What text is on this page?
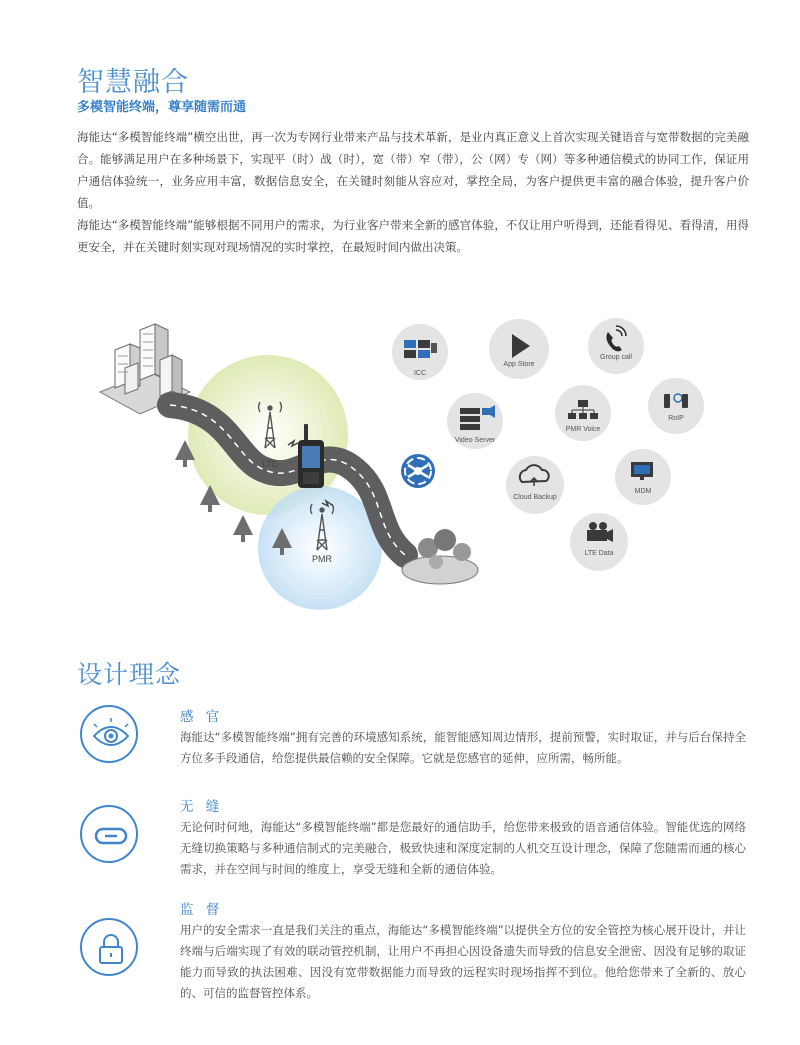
智慧融合
多模智能终端，尊享随需而通

海能达“多模智能终端”横空出世，再一次为专网行业带来产品与技术革新，是业内真正意义上首次实现关键语音与宽带数据的完美融合。能够满足用户在多种场景下，实现平（时）战（时），宽（带）窄（带），公（网）专（网）等多种通信模式的协同工作，保证用户通信体验统一，业务应用丰富，数据信息安全，在关键时刻能从容应对，掌控全局，为客户提供更丰富的融合体验，提升客户价值。

海能达“多模智能终端”能够根据不同用户的需求，为行业客户带来全新的感官体验，不仅让用户听得到，还能看得见、看得清，用得更安全，并在关键时刻实现对现场情况的实时掌控，在最短时间内做出决策。

LTE
PMR
ICC
App Store
Group call
Video Server
PMR Voice
RoIP
Cloud Backup
MDM
LTE Data
设计理念
感 官

海能达“多模智能终端”拥有完善的环境感知系统，能智能感知周边情形，提前预警，实时取证，并与后台保持全方位多手段通信，给您提供最信赖的安全保障。它就是您感官的延伸，应所需，畅所能。

无 缝

无论何时何地，海能达“多模智能终端”都是您最好的通信助手，给您带来极致的语音通信体验。智能优选的网络无缝切换策略与多种通信制式的完美融合，极致快速和深度定制的人机交互设计理念，保障了您随需而通的核心需求，并在空间与时间的维度上，享受无缝和全新的通信体验。

监 督

用户的安全需求一直是我们关注的重点，海能达“多模智能终端”以提供全方位的安全管控为核心展开设计，并让终端与后端实现了有效的联动管控机制，让用户不再担心因设备遗失而导致的信息安全泄密、因没有足够的取证能力而导致的执法困难、因没有宽带数据能力而导致的远程实时现场指挥不到位。他给您带来了全新的、放心的、可信的监督管控体系。
